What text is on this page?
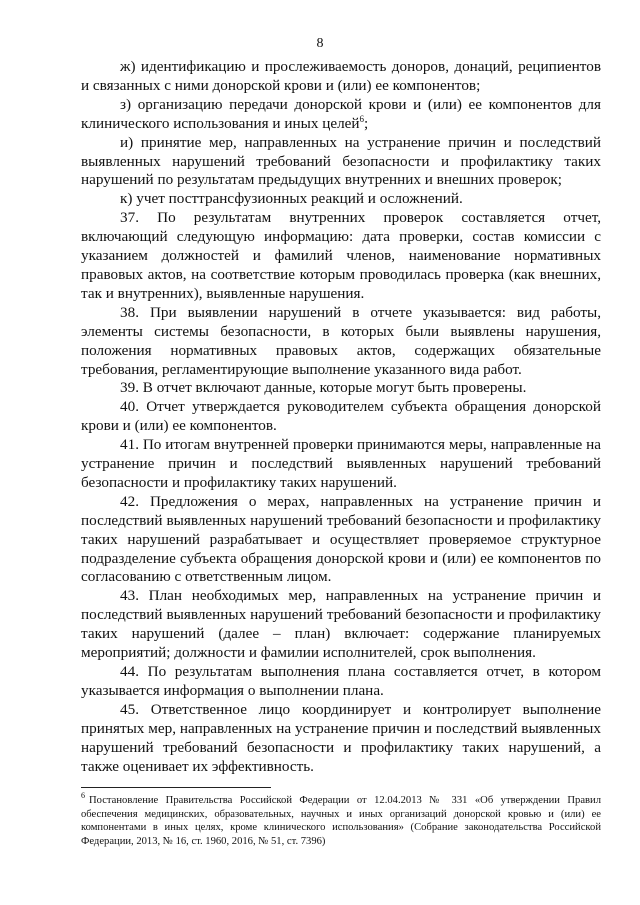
8

ж) идентификацию и прослеживаемость доноров, донаций, реципиентов и связанных с ними донорской крови и (или) ее компонентов;

з) организацию передачи донорской крови и (или) ее компонентов для клинического использования и иных целей$^6$;

и) принятие мер, направленных на устранение причин и последствий выявленных нарушений требований безопасности и профилактику таких нарушений по результатам предыдущих внутренних и внешних проверок;

к) учет посттрансфузионных реакций и осложнений.

37. По результатам внутренних проверок составляется отчет, включающий следующую информацию: дата проверки, состав комиссии с указанием должностей и фамилий членов, наименование нормативных правовых актов, на соответствие которым проводилась проверка (как внешних, так и внутренних), выявленные нарушения.

38. При выявлении нарушений в отчете указывается: вид работы, элементы системы безопасности, в которых были выявлены нарушения, положения нормативных правовых актов, содержащих обязательные требования, регламентирующие выполнение указанного вида работ.

39. В отчет включают данные, которые могут быть проверены.

40. Отчет утверждается руководителем субъекта обращения донорской крови и (или) ее компонентов.

41. По итогам внутренней проверки принимаются меры, направленные на устранение причин и последствий выявленных нарушений требований безопасности и профилактику таких нарушений.

42. Предложения о мерах, направленных на устранение причин и последствий выявленных нарушений требований безопасности и профилактику таких нарушений разрабатывает и осуществляет проверяемое структурное подразделение субъекта обращения донорской крови и (или) ее компонентов по согласованию с ответственным лицом.

43. План необходимых мер, направленных на устранение причин и последствий выявленных нарушений требований безопасности и профилактику таких нарушений (далее – план) включает: содержание планируемых мероприятий; должности и фамилии исполнителей, срок выполнения.

44. По результатам выполнения плана составляется отчет, в котором указывается информация о выполнении плана.

45. Ответственное лицо координирует и контролирует выполнение принятых мер, направленных на устранение причин и последствий выявленных нарушений требований безопасности и профилактику таких нарушений, а также оценивает их эффективность.

$^6$ Постановление Правительства Российской Федерации от 12.04.2013 № 331 «Об утверждении Правил обеспечения медицинских, образовательных, научных и иных организаций донорской кровью и (или) ее компонентами в иных целях, кроме клинического использования» (Собрание законодательства Российской Федерации, 2013, № 16, ст. 1960, 2016, № 51, ст. 7396)
